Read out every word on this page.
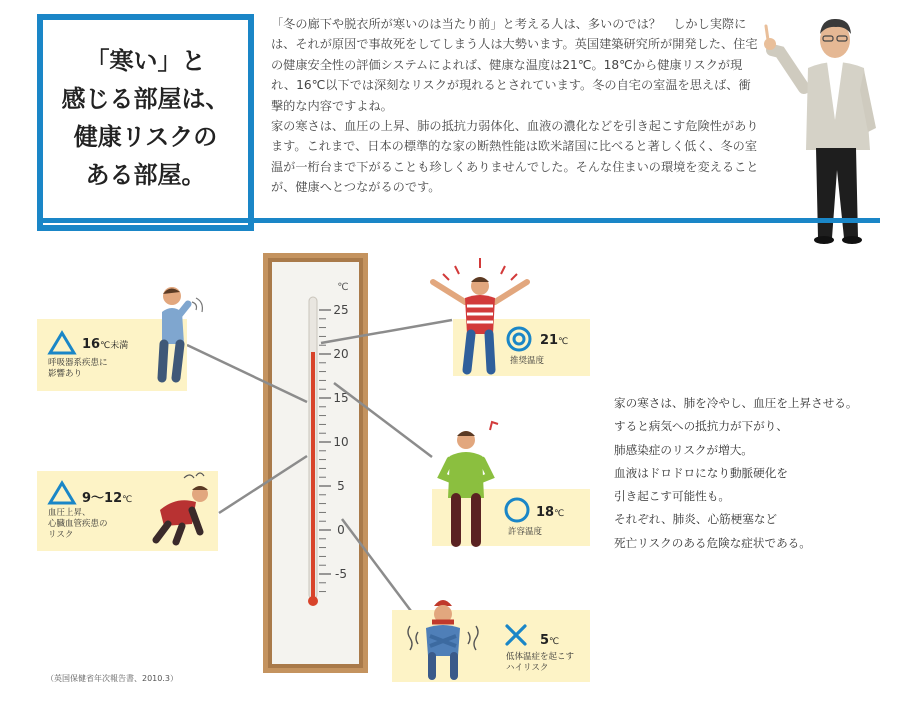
「寒い」と
感じる部屋は、
健康リスクの
ある部屋。

「冬の廊下や脱衣所が寒いのは当たり前」と考える人は、多いのでは？　しかし実際には、それが原因で事故死をしてしまう人は大勢います。英国建築研究所が開発した、住宅の健康安全性の評価システムによれば、健康な温度は21℃。18℃から健康リスクが現れ、16℃以下では深刻なリスクが現れるとされています。冬の自宅の室温を思えば、衝撃的な内容ですよね。

家の寒さは、血圧の上昇、肺の抵抗力弱体化、血液の濃化などを引き起こす危険性があります。これまで、日本の標準的な家の断熱性能は欧米諸国に比べると著しく低く、冬の室温が一桁台まで下がることも珍しくありませんでした。そんな住まいの環境を変えることが、健康へとつながるのです。

℃
25
20
15
10
5
0
-5
16℃未満
呼吸器系疾患に
影響あり
9～12℃
血圧上昇、
心臓血管疾患の
リスク
21℃
推奨温度
18℃
許容温度
5℃
低体温症を起こす
ハイリスク
家の寒さは、肺を冷やし、血圧を上昇させる。
すると病気への抵抗力が下がり、
肺感染症のリスクが増大。
血液はドロドロになり動脈硬化を
引き起こす可能性も。
それぞれ、肺炎、心筋梗塞など
死亡リスクのある危険な症状である。
（英国保健省年次報告書、2010.3）
